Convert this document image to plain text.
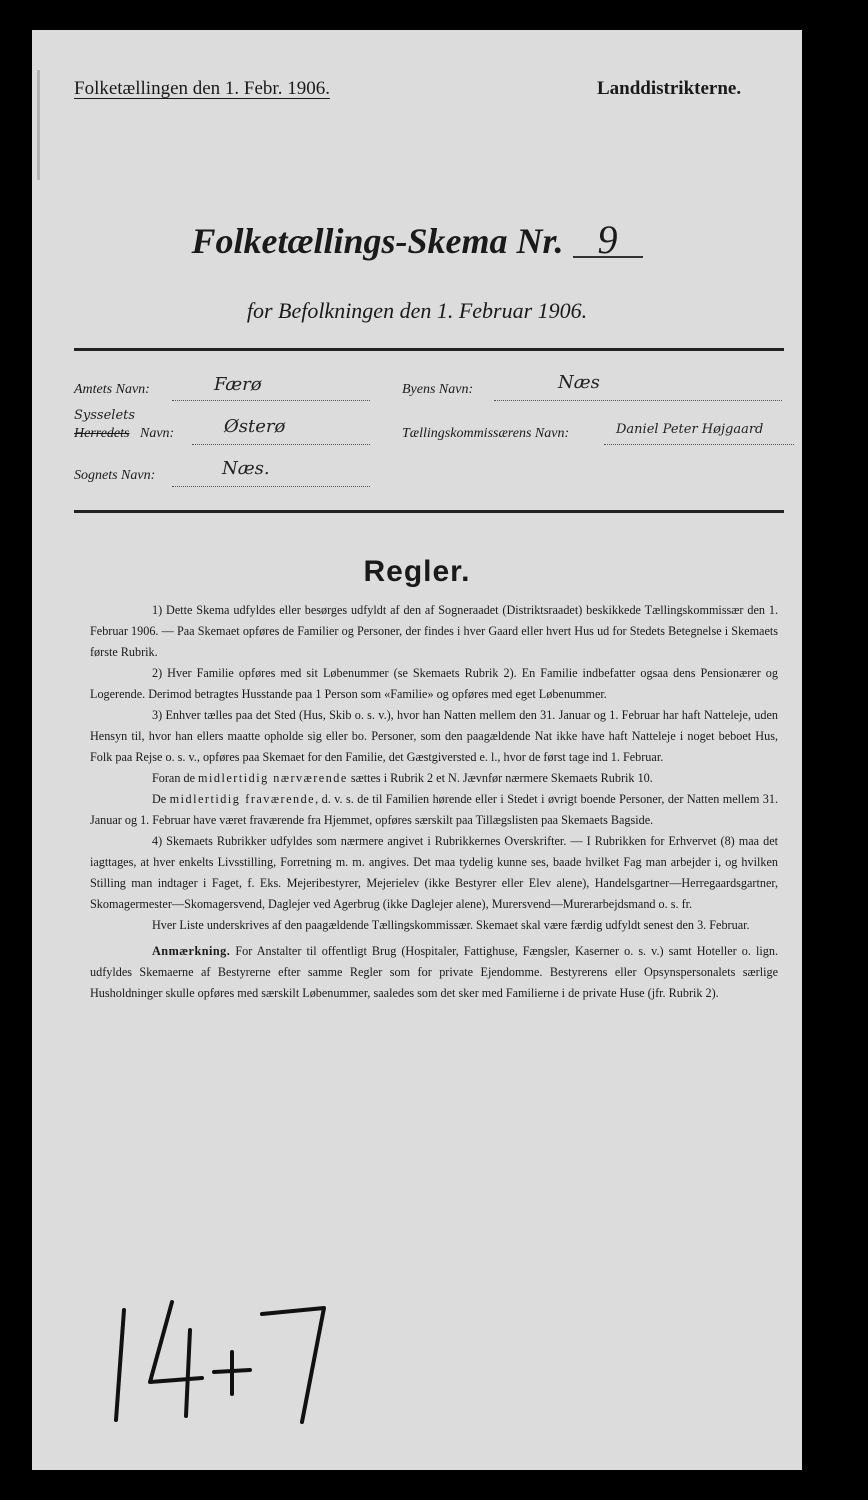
Folketællingen den 1. Febr. 1906.	Landdistrikterne.
Folketællings-Skema Nr. 9
for Befolkningen den 1. Februar 1906.
Amtets Navn:	Færø	Byens Navn:	Næs
Sysselets
Herredets Navn:	Østerø	Tællingskommissærens Navn:	Daniel Peter Højgaard
Sognets Navn:	Næs.
Regler.

1) Dette Skema udfyldes eller besørges udfyldt af den af Sogneraadet (Distriktsraadet) beskikkede Tællingskommissær den 1. Februar 1906. — Paa Skemaet opføres de Familier og Personer, der findes i hver Gaard eller hvert Hus ud for Stedets Betegnelse i Skemaets første Rubrik.

2) Hver Familie opføres med sit Løbenummer (se Skemaets Rubrik 2). En Familie indbefatter ogsaa dens Pensionærer og Logerende. Derimod betragtes Husstande paa 1 Person som «Familie» og opføres med eget Løbenummer.

3) Enhver tælles paa det Sted (Hus, Skib o. s. v.), hvor han Natten mellem den 31. Januar og 1. Februar har haft Natteleje, uden Hensyn til, hvor han ellers maatte opholde sig eller bo. Personer, som den paagældende Nat ikke have haft Natteleje i noget beboet Hus, Folk paa Rejse o. s. v., opføres paa Skemaet for den Familie, det Gæstgiversted e. l., hvor de først tage ind 1. Februar.

Foran de midlertidig nærværende sættes i Rubrik 2 et N. Jævnfør nærmere Skemaets Rubrik 10.

De midlertidig fraværende, d. v. s. de til Familien hørende eller i Stedet i øvrigt boende Personer, der Natten mellem 31. Januar og 1. Februar have været fraværende fra Hjemmet, opføres særskilt paa Tillægslisten paa Skemaets Bagside.

4) Skemaets Rubrikker udfyldes som nærmere angivet i Rubrikkernes Overskrifter. — I Rubrikken for Erhvervet (8) maa det iagttages, at hver enkelts Livsstilling, Forretning m. m. angives. Det maa tydelig kunne ses, baade hvilket Fag man arbejder i, og hvilken Stilling man indtager i Faget, f. Eks. Mejeribestyrer, Mejerielev (ikke Bestyrer eller Elev alene), Handelsgartner—Herregaardsgartner, Skomagermester—Skomagersvend, Daglejer ved Agerbrug (ikke Daglejer alene), Murersvend—Murerarbejdsmand o. s. fr.

Hver Liste underskrives af den paagældende Tællingskommissær. Skemaet skal være færdig udfyldt senest den 3. Februar.

Anmærkning. For Anstalter til offentligt Brug (Hospitaler, Fattighuse, Fængsler, Kaserner o. s. v.) samt Hoteller o. lign. udfyldes Skemaerne af Bestyrerne efter samme Regler som for private Ejendomme. Bestyrerens eller Opsynspersonalets særlige Husholdninger skulle opføres med særskilt Løbenummer, saaledes som det sker med Familierne i de private Huse (jfr. Rubrik 2).
